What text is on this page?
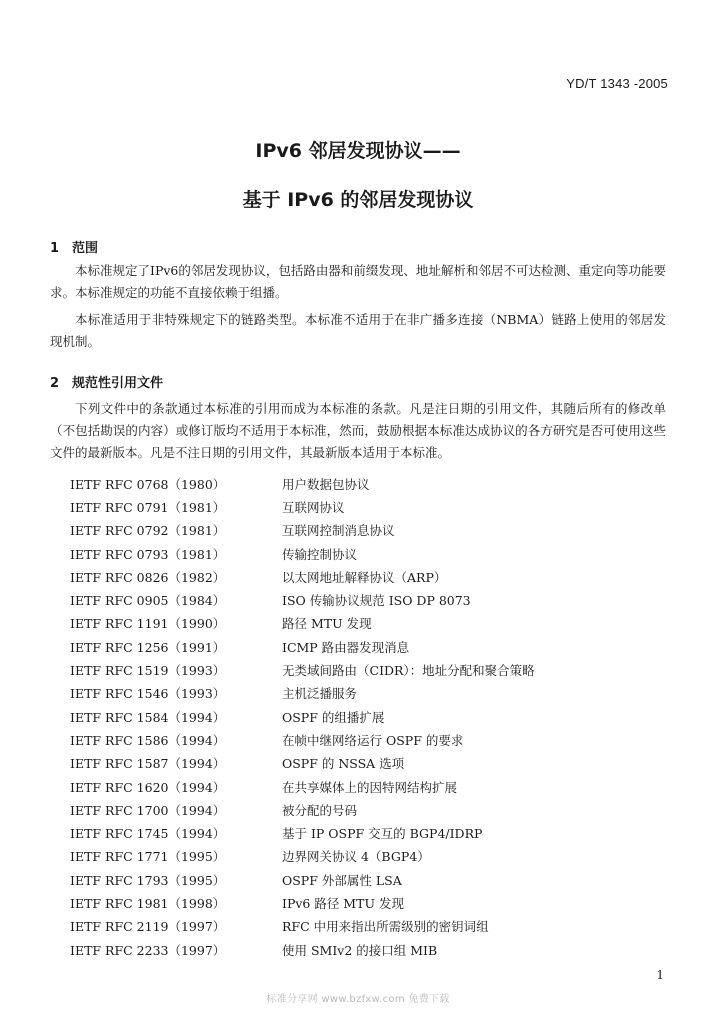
YD/T 1343 -2005
IPv6 邻居发现协议——
基于 IPv6 的邻居发现协议
1 范围

本标准规定了IPv6的邻居发现协议，包括路由器和前缀发现、地址解析和邻居不可达检测、重定向等功能要求。本标准规定的功能不直接依赖于组播。

本标准适用于非特殊规定下的链路类型。本标准不适用于在非广播多连接（NBMA）链路上使用的邻居发现机制。

2 规范性引用文件

下列文件中的条款通过本标准的引用而成为本标准的条款。凡是注日期的引用文件，其随后所有的修改单（不包括勘误的内容）或修订版均不适用于本标准，然而，鼓励根据本标准达成协议的各方研究是否可使用这些文件的最新版本。凡是不注日期的引用文件，其最新版本适用于本标准。

IETF RFC 0768（1980）	用户数据包协议
IETF RFC 0791（1981）	互联网协议
IETF RFC 0792（1981）	互联网控制消息协议
IETF RFC 0793（1981）	传输控制协议
IETF RFC 0826（1982）	以太网地址解释协议（ARP）
IETF RFC 0905（1984）	ISO 传输协议规范 ISO DP 8073
IETF RFC 1191（1990）	路径 MTU 发现
IETF RFC 1256（1991）	ICMP 路由器发现消息
IETF RFC 1519（1993）	无类域间路由（CIDR）：地址分配和聚合策略
IETF RFC 1546（1993）	主机泛播服务
IETF RFC 1584（1994）	OSPF 的组播扩展
IETF RFC 1586（1994）	在帧中继网络运行 OSPF 的要求
IETF RFC 1587（1994）	OSPF 的 NSSA 选项
IETF RFC 1620（1994）	在共享媒体上的因特网结构扩展
IETF RFC 1700（1994）	被分配的号码
IETF RFC 1745（1994）	基于 IP OSPF 交互的 BGP4/IDRP
IETF RFC 1771（1995）	边界网关协议 4（BGP4）
IETF RFC 1793（1995）	OSPF 外部属性 LSA
IETF RFC 1981（1998）	IPv6 路径 MTU 发现
IETF RFC 2119（1997）	RFC 中用来指出所需级别的密钥词组
IETF RFC 2233（1997）	使用 SMIv2 的接口组 MIB
1
标准分享网 www.bzfxw.com 免费下载
